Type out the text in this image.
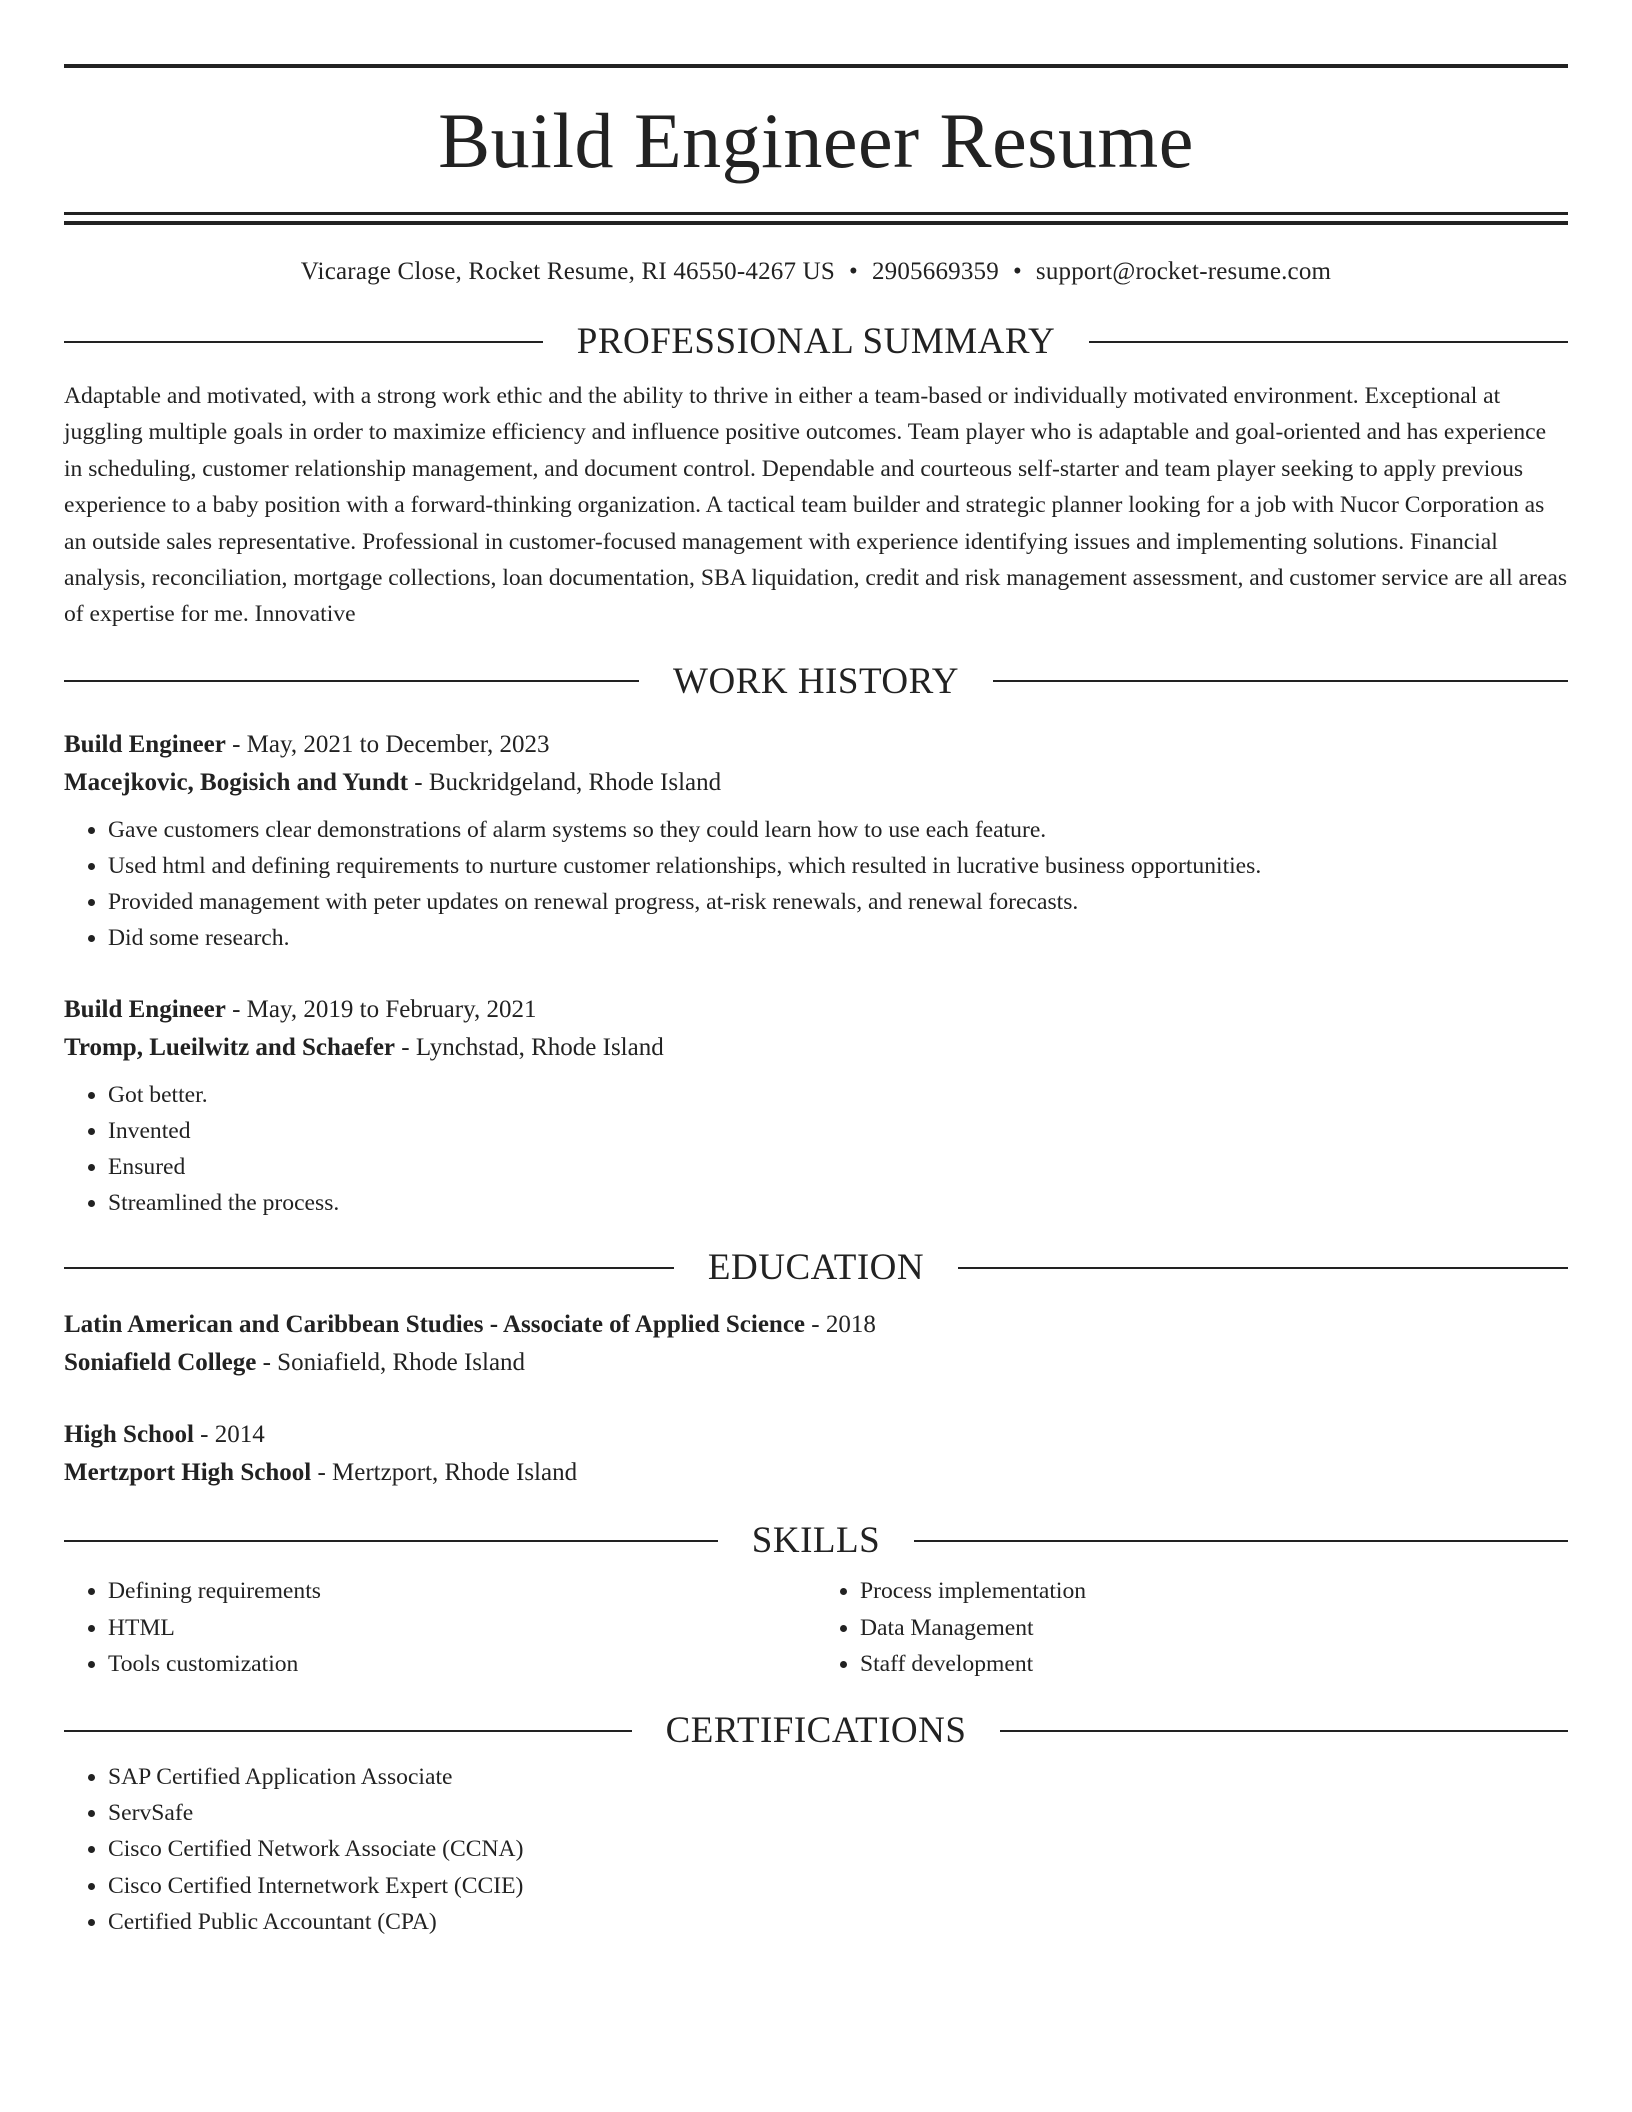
Build Engineer Resume
Vicarage Close, Rocket Resume, RI 46550-4267 US • 2905669359 • support@rocket-resume.com
PROFESSIONAL SUMMARY
Adaptable and motivated, with a strong work ethic and the ability to thrive in either a team-based or individually motivated environment. Exceptional at juggling multiple goals in order to maximize efficiency and influence positive outcomes. Team player who is adaptable and goal-oriented and has experience in scheduling, customer relationship management, and document control. Dependable and courteous self-starter and team player seeking to apply previous experience to a baby position with a forward-thinking organization. A tactical team builder and strategic planner looking for a job with Nucor Corporation as an outside sales representative. Professional in customer-focused management with experience identifying issues and implementing solutions. Financial analysis, reconciliation, mortgage collections, loan documentation, SBA liquidation, credit and risk management assessment, and customer service are all areas of expertise for me. Innovative
WORK HISTORY
Build Engineer - May, 2021 to December, 2023
Macejkovic, Bogisich and Yundt - Buckridgeland, Rhode Island
• Gave customers clear demonstrations of alarm systems so they could learn how to use each feature.
• Used html and defining requirements to nurture customer relationships, which resulted in lucrative business opportunities.
• Provided management with peter updates on renewal progress, at-risk renewals, and renewal forecasts.
• Did some research.
Build Engineer - May, 2019 to February, 2021
Tromp, Lueilwitz and Schaefer - Lynchstad, Rhode Island
• Got better.
• Invented
• Ensured
• Streamlined the process.
EDUCATION
Latin American and Caribbean Studies - Associate of Applied Science - 2018
Soniafield College - Soniafield, Rhode Island
High School - 2014
Mertzport High School - Mertzport, Rhode Island
SKILLS
• Defining requirements
• HTML
• Tools customization
• Process implementation
• Data Management
• Staff development
CERTIFICATIONS
• SAP Certified Application Associate
• ServSafe
• Cisco Certified Network Associate (CCNA)
• Cisco Certified Internetwork Expert (CCIE)
• Certified Public Accountant (CPA)
